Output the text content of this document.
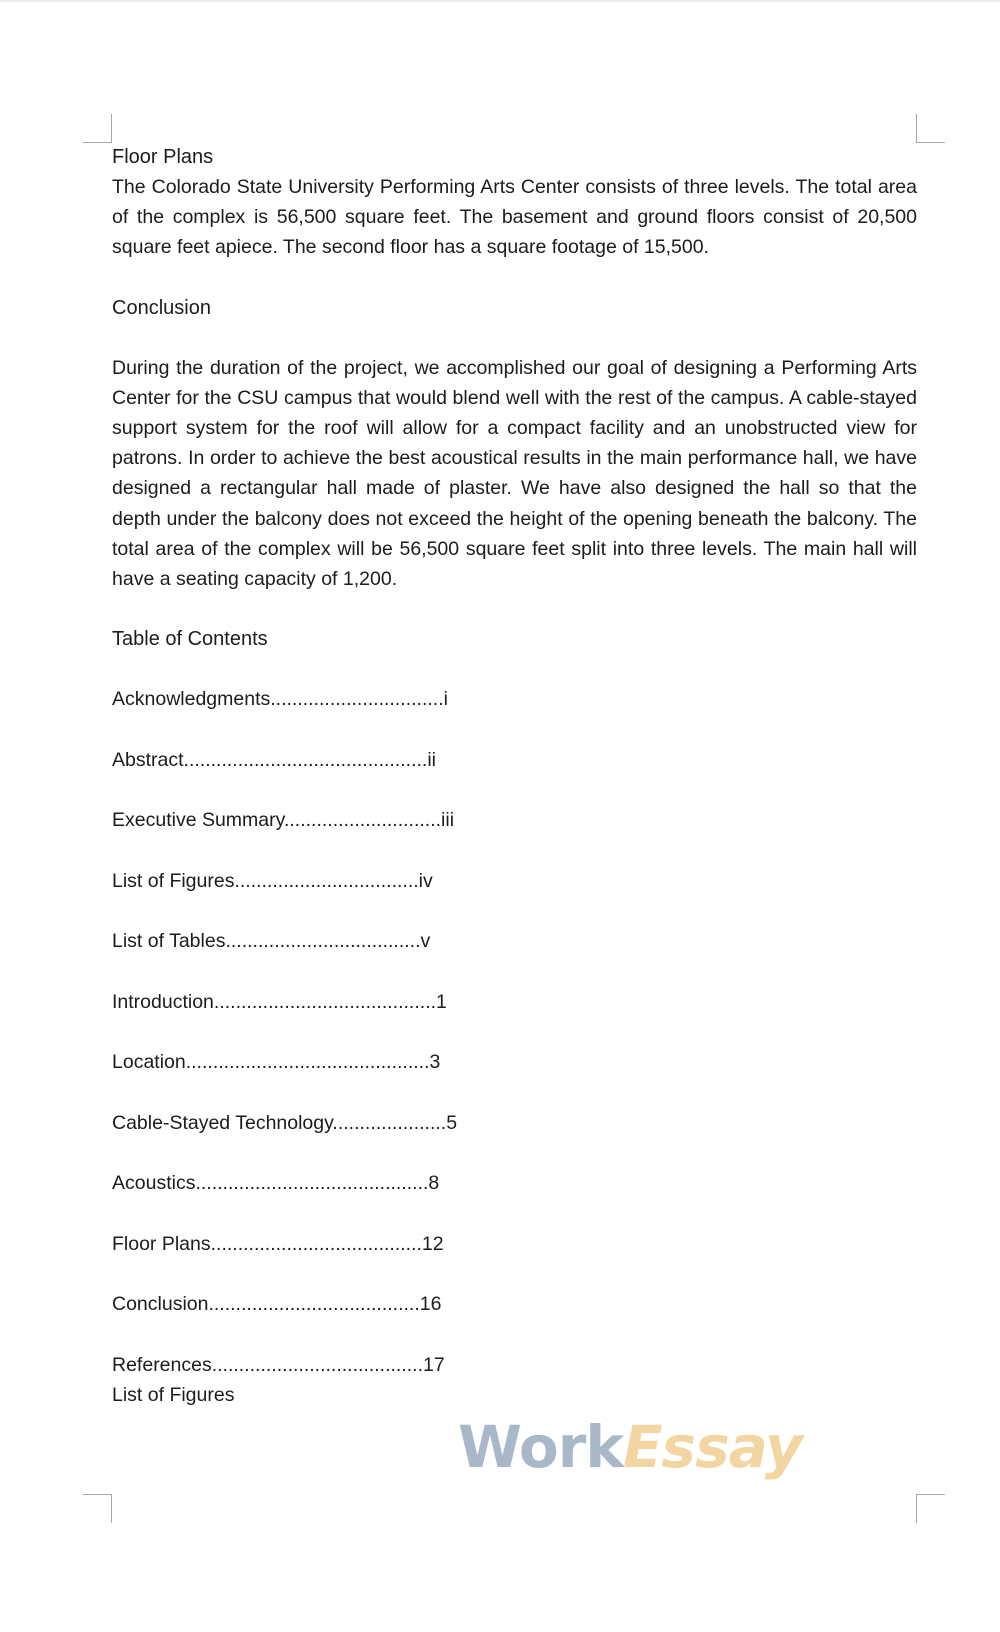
Floor Plans

The Colorado State University Performing Arts Center consists of three levels. The total area of the complex is 56,500 square feet. The basement and ground floors consist of 20,500 square feet apiece. The second floor has a square footage of 15,500.

Conclusion

During the duration of the project, we accomplished our goal of designing a Performing Arts Center for the CSU campus that would blend well with the rest of the campus. A cable-stayed support system for the roof will allow for a compact facility and an unobstructed view for patrons. In order to achieve the best acoustical results in the main performance hall, we have designed a rectangular hall made of plaster. We have also designed the hall so that the depth under the balcony does not exceed the height of the opening beneath the balcony. The total area of the complex will be 56,500 square feet split into three levels. The main hall will have a seating capacity of 1,200.

Table of Contents

Acknowledgments................................i

Abstract.............................................ii

Executive Summary.............................iii

List of Figures..................................iv

List of Tables....................................v

Introduction.........................................1

Location.............................................3

Cable-Stayed Technology.....................5

Acoustics...........................................8

Floor Plans.......................................12

Conclusion.......................................16

References.......................................17

List of Figures

WorkEssay
